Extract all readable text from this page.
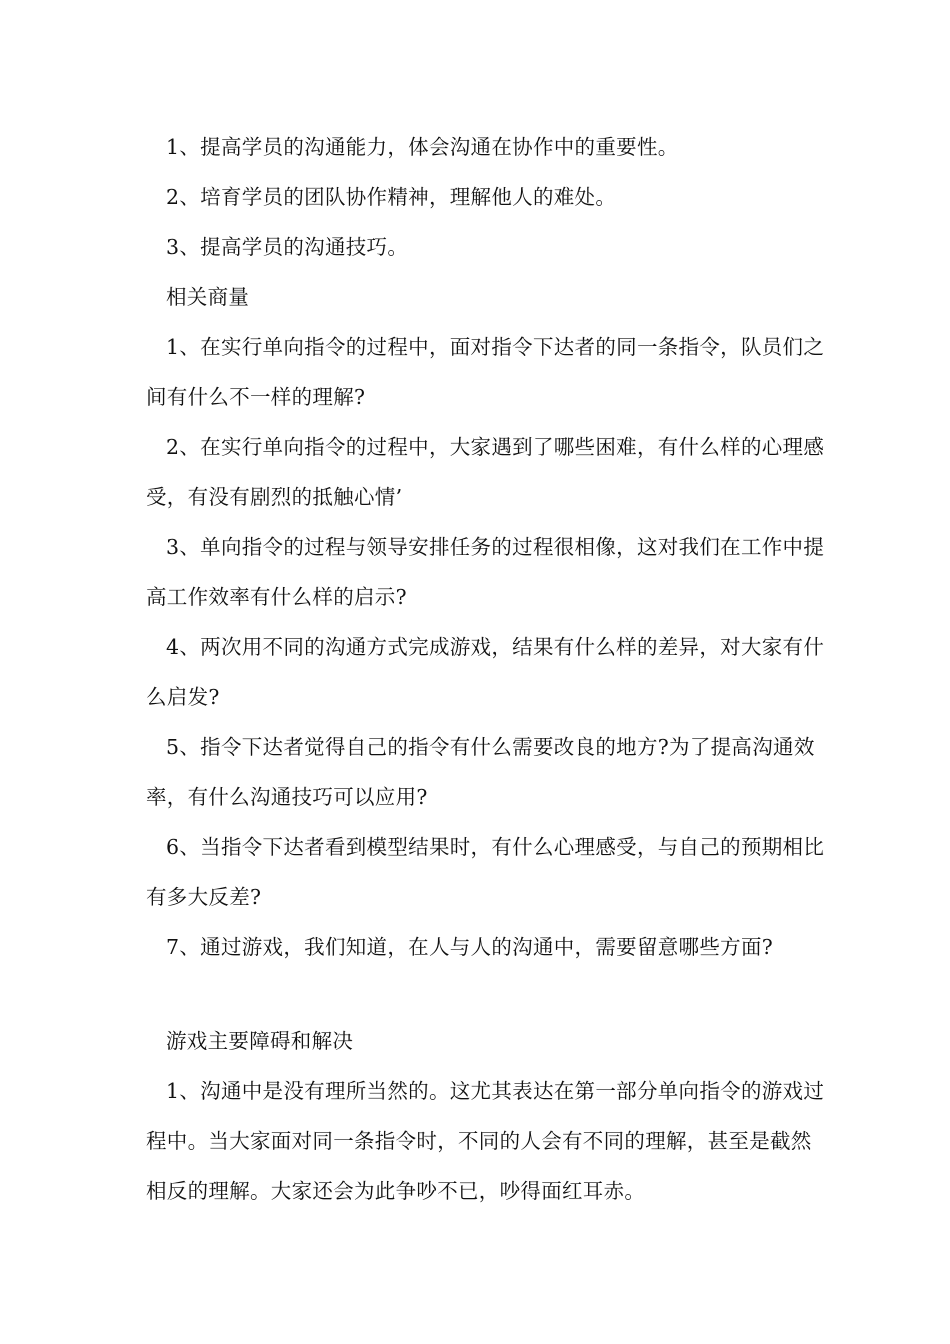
1、提高学员的沟通能力，体会沟通在协作中的重要性。

2、培育学员的团队协作精神，理解他人的难处。

3、提高学员的沟通技巧。

相关商量

1、在实行单向指令的过程中，面对指令下达者的同一条指令，队员们之间有什么不一样的理解?

2、在实行单向指令的过程中，大家遇到了哪些困难，有什么样的心理感受，有没有剧烈的抵触心情’

3、单向指令的过程与领导安排任务的过程很相像，这对我们在工作中提高工作效率有什么样的启示?

4、两次用不同的沟通方式完成游戏，结果有什么样的差异，对大家有什么启发?

5、指令下达者觉得自己的指令有什么需要改良的地方?为了提高沟通效率，有什么沟通技巧可以应用?

6、当指令下达者看到模型结果时，有什么心理感受，与自己的预期相比有多大反差?

7、通过游戏，我们知道，在人与人的沟通中，需要留意哪些方面?

游戏主要障碍和解决

1、沟通中是没有理所当然的。这尤其表达在第一部分单向指令的游戏过程中。当大家面对同一条指令时，不同的人会有不同的理解，甚至是截然相反的理解。大家还会为此争吵不已，吵得面红耳赤。
